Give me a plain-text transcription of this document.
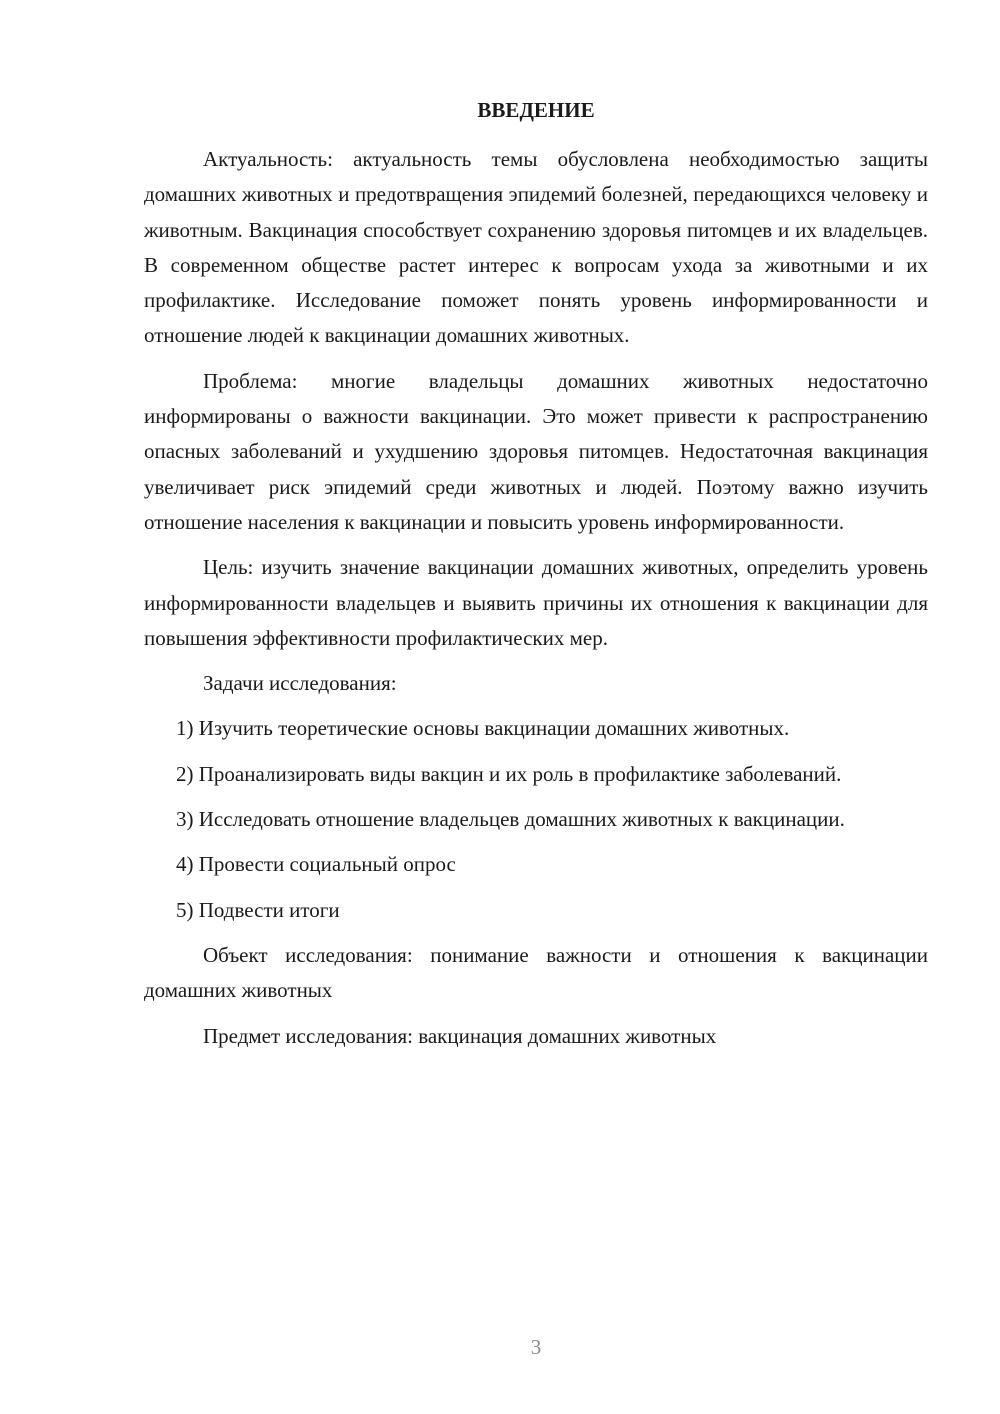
ВВЕДЕНИЕ

Актуальность: актуальность темы обусловлена необходимостью защиты домашних животных и предотвращения эпидемий болезней, передающихся человеку и животным. Вакцинация способствует сохранению здоровья питомцев и их владельцев. В современном обществе растет интерес к вопросам ухода за животными и их профилактике. Исследование поможет понять уровень информированности и отношение людей к вакцинации домашних животных.

Проблема: многие владельцы домашних животных недостаточно информированы о важности вакцинации. Это может привести к распространению опасных заболеваний и ухудшению здоровья питомцев. Недостаточная вакцинация увеличивает риск эпидемий среди животных и людей. Поэтому важно изучить отношение населения к вакцинации и повысить уровень информированности.

Цель: изучить значение вакцинации домашних животных, определить уровень информированности владельцев и выявить причины их отношения к вакцинации для повышения эффективности профилактических мер.

Задачи исследования:

1) Изучить теоретические основы вакцинации домашних животных.

2) Проанализировать виды вакцин и их роль в профилактике заболеваний.

3) Исследовать отношение владельцев домашних животных к вакцинации.

4) Провести социальный опрос

5) Подвести итоги

Объект исследования: понимание важности и отношения к вакцинации домашних животных

Предмет исследования: вакцинация домашних животных

3
